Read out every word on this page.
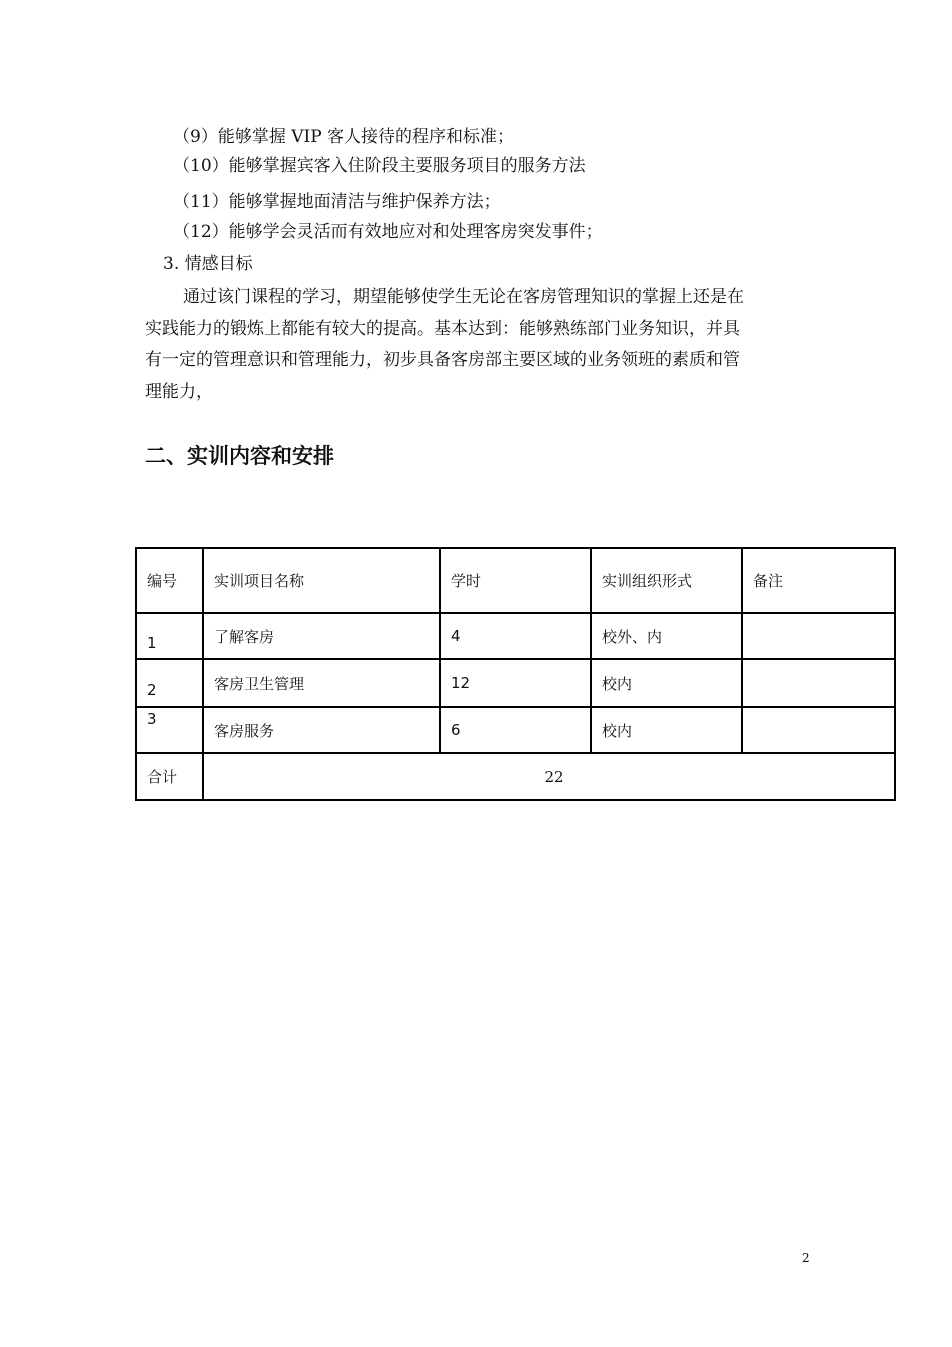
（9）能够掌握 VIP 客人接待的程序和标准；
（10）能够掌握宾客入住阶段主要服务项目的服务方法
（11）能够掌握地面清洁与维护保养方法；
（12）能够学会灵活而有效地应对和处理客房突发事件；
3. 情感目标
通过该门课程的学习，期望能够使学生无论在客房管理知识的掌握上还是在
实践能力的锻炼上都能有较大的提高。基本达到：能够熟练部门业务知识，并具
有一定的管理意识和管理能力，初步具备客房部主要区域的业务领班的素质和管
理能力，
二、实训内容和安排
编号	实训项目名称	学时	实训组织形式	备注
1	了解客房	4	校外、内	
2	客房卫生管理	12	校内	
3	客房服务	6	校内	
合计	22			
2
